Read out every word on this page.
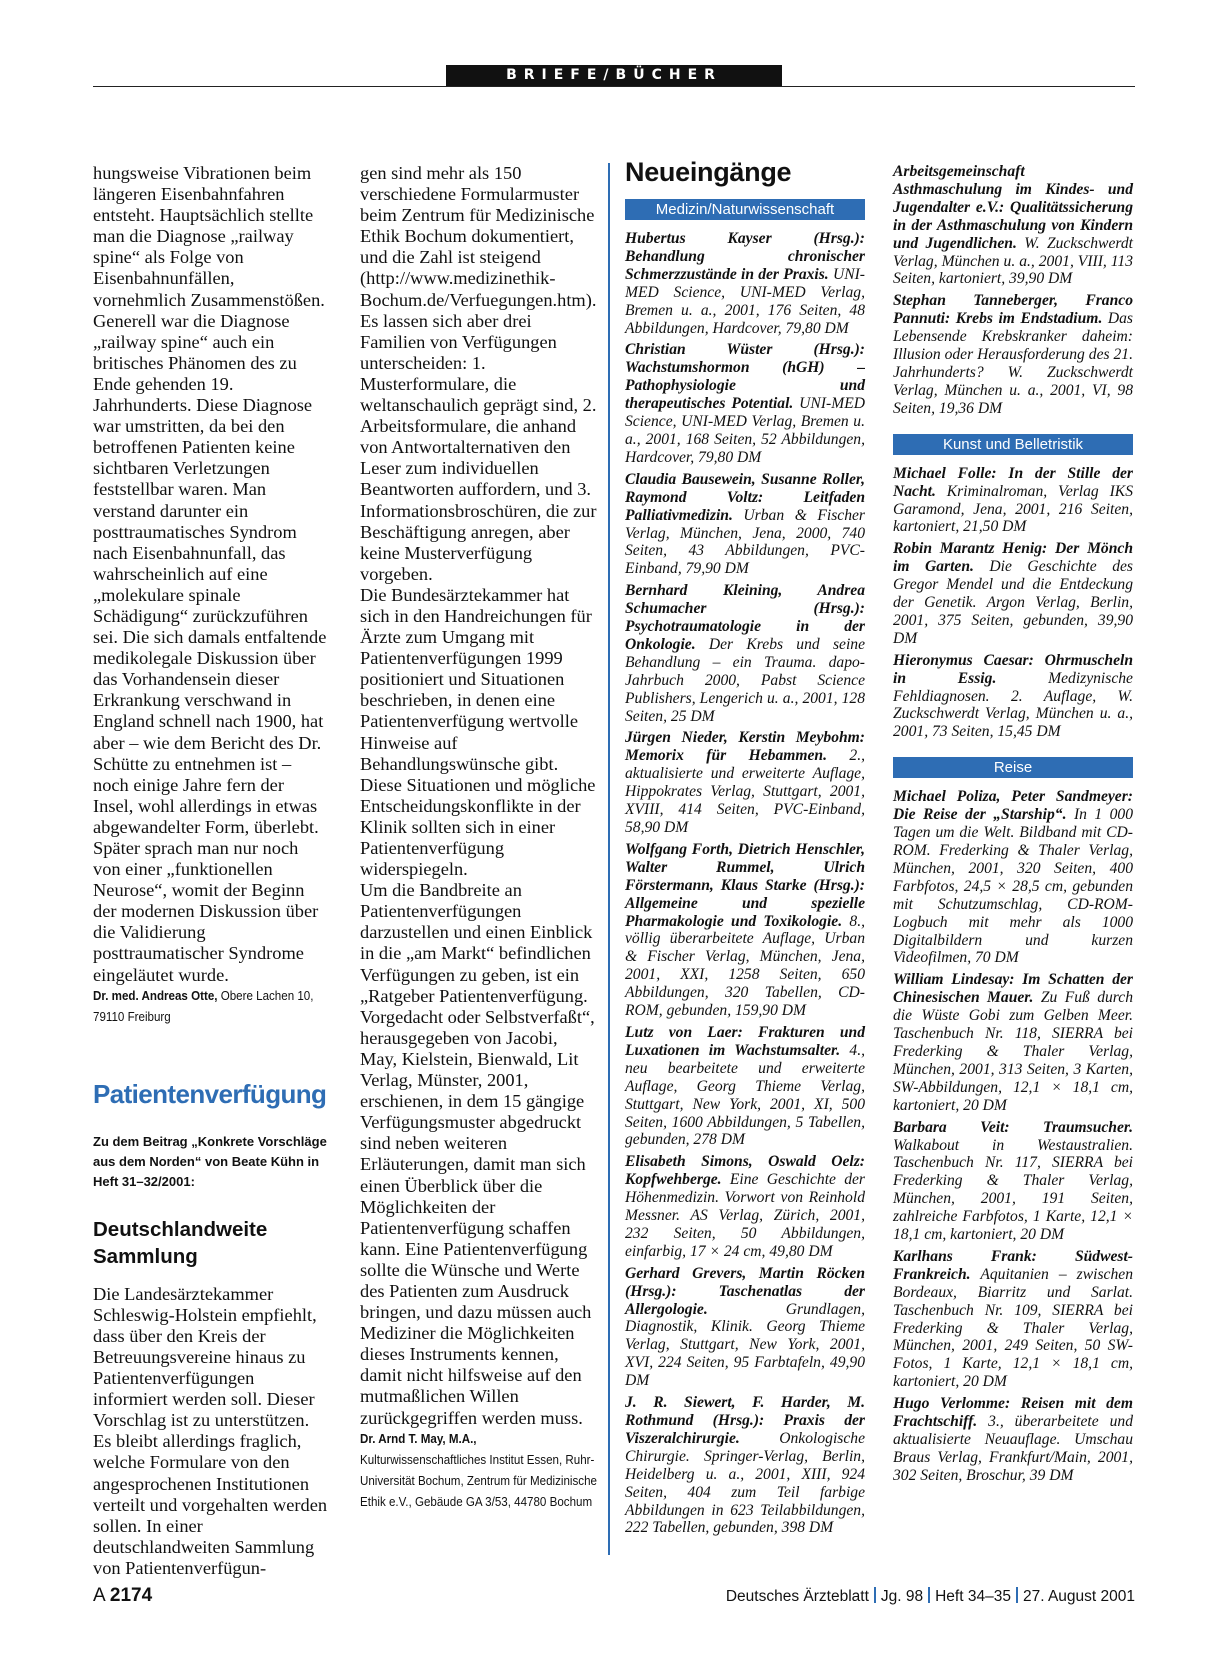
BRIEFE/BÜCHER

hungsweise Vibrationen beim längeren Eisenbahnfahren entsteht. Hauptsächlich stellte man die Diagnose „railway spine“ als Folge von Eisenbahnunfällen, vornehmlich Zusammenstößen. Generell war die Diagnose „railway spine“ auch ein britisches Phänomen des zu Ende gehenden 19. Jahrhunderts. Diese Diagnose war umstritten, da bei den betroffenen Patienten keine sichtbaren Verletzungen feststellbar waren. Man verstand darunter ein posttraumatisches Syndrom nach Eisenbahnunfall, das wahrscheinlich auf eine „molekulare spinale Schädigung“ zurückzuführen sei. Die sich damals entfaltende medikolegale Diskussion über das Vorhandensein dieser Erkrankung verschwand in England schnell nach 1900, hat aber – wie dem Bericht des Dr. Schütte zu entnehmen ist – noch einige Jahre fern der Insel, wohl allerdings in etwas abgewandelter Form, überlebt. Später sprach man nur noch von einer „funktionellen Neurose“, womit der Beginn der modernen Diskussion über die Validierung posttraumatischer Syndrome eingeläutet wurde.

Dr. med. Andreas Otte, Obere Lachen 10, 79110 Freiburg

Patientenverfügung

Zu dem Beitrag „Konkrete Vorschläge aus dem Norden“ von Beate Kühn in Heft 31–32/2001:

Deutschlandweite Sammlung

Die Landesärztekammer Schleswig-Holstein empfiehlt, dass über den Kreis der Betreuungsvereine hinaus zu Patientenverfügungen informiert werden soll. Dieser Vorschlag ist zu unterstützen. Es bleibt allerdings fraglich, welche Formulare von den angesprochenen Institutionen verteilt und vorgehalten werden sollen. In einer deutschlandweiten Sammlung von Patientenverfügun-

gen sind mehr als 150 verschiedene Formularmuster beim Zentrum für Medizinische Ethik Bochum dokumentiert, und die Zahl ist steigend (http://www.medizinethik-Bochum.de/Verfuegungen.htm). Es lassen sich aber drei Familien von Verfügungen unterscheiden: 1. Musterformulare, die weltanschaulich geprägt sind, 2. Arbeitsformulare, die anhand von Antwortalternativen den Leser zum individuellen Beantworten auffordern, und 3. Informationsbroschüren, die zur Beschäftigung anregen, aber keine Musterverfügung vorgeben.

Die Bundesärztekammer hat sich in den Handreichungen für Ärzte zum Umgang mit Patientenverfügungen 1999 positioniert und Situationen beschrieben, in denen eine Patientenverfügung wertvolle Hinweise auf Behandlungswünsche gibt. Diese Situationen und mögliche Entscheidungskonflikte in der Klinik sollten sich in einer Patientenverfügung widerspiegeln.

Um die Bandbreite an Patientenverfügungen darzustellen und einen Einblick in die „am Markt“ befindlichen Verfügungen zu geben, ist ein „Ratgeber Patientenverfügung. Vorgedacht oder Selbstverfaßt“, herausgegeben von Jacobi, May, Kielstein, Bienwald, Lit Verlag, Münster, 2001, erschienen, in dem 15 gängige Verfügungsmuster abgedruckt sind neben weiteren Erläuterungen, damit man sich einen Überblick über die Möglichkeiten der Patientenverfügung schaffen kann. Eine Patientenverfügung sollte die Wünsche und Werte des Patienten zum Ausdruck bringen, und dazu müssen auch Mediziner die Möglichkeiten dieses Instruments kennen, damit nicht hilfsweise auf den mutmaßlichen Willen zurückgegriffen werden muss.

Dr. Arnd T. May, M.A., Kulturwissenschaftliches Institut Essen, Ruhr-Universität Bochum, Zentrum für Medizinische Ethik e.V., Gebäude GA 3/53, 44780 Bochum

Neueingänge
Medizin/Naturwissenschaft

Hubertus Kayser (Hrsg.): Behandlung chronischer Schmerzzustände in der Praxis. UNI-MED Science, UNI-MED Verlag, Bremen u. a., 2001, 176 Seiten, 48 Abbildungen, Hardcover, 79,80 DM

Christian Wüster (Hrsg.): Wachstumshormon (hGH) – Pathophysiologie und therapeutisches Potential. UNI-MED Science, UNI-MED Verlag, Bremen u. a., 2001, 168 Seiten, 52 Abbildungen, Hardcover, 79,80 DM

Claudia Bausewein, Susanne Roller, Raymond Voltz: Leitfaden Palliativmedizin. Urban & Fischer Verlag, München, Jena, 2000, 740 Seiten, 43 Abbildungen, PVC-Einband, 79,90 DM

Bernhard Kleining, Andrea Schumacher (Hrsg.): Psychotraumatologie in der Onkologie. Der Krebs und seine Behandlung – ein Trauma. dapo-Jahrbuch 2000, Pabst Science Publishers, Lengerich u. a., 2001, 128 Seiten, 25 DM

Jürgen Nieder, Kerstin Meybohm: Memorix für Hebammen. 2., aktualisierte und erweiterte Auflage, Hippokrates Verlag, Stuttgart, 2001, XVIII, 414 Seiten, PVC-Einband, 58,90 DM

Wolfgang Forth, Dietrich Henschler, Walter Rummel, Ulrich Förstermann, Klaus Starke (Hrsg.): Allgemeine und spezielle Pharmakologie und Toxikologie. 8., völlig überarbeitete Auflage, Urban & Fischer Verlag, München, Jena, 2001, XXI, 1258 Seiten, 650 Abbildungen, 320 Tabellen, CD-ROM, gebunden, 159,90 DM

Lutz von Laer: Frakturen und Luxationen im Wachstumsalter. 4., neu bearbeitete und erweiterte Auflage, Georg Thieme Verlag, Stuttgart, New York, 2001, XI, 500 Seiten, 1600 Abbildungen, 5 Tabellen, gebunden, 278 DM

Elisabeth Simons, Oswald Oelz: Kopfwehberge. Eine Geschichte der Höhenmedizin. Vorwort von Reinhold Messner. AS Verlag, Zürich, 2001, 232 Seiten, 50 Abbildungen, einfarbig, 17 × 24 cm, 49,80 DM

Gerhard Grevers, Martin Röcken (Hrsg.): Taschenatlas der Allergologie.	Grundlagen, Diagnostik, Klinik. Georg Thieme Verlag, Stuttgart, New York, 2001, XVI, 224 Seiten, 95 Farbtafeln, 49,90 DM

J. R. Siewert, F. Harder, M. Rothmund (Hrsg.): Praxis der Viszeralchirurgie.	Onkologische Chirurgie. Springer-Verlag, Berlin, Heidelberg u. a., 2001, XIII, 924 Seiten, 404 zum Teil farbige Abbildungen in 623 Teilabbildungen, 222 Tabellen, gebunden, 398 DM

Arbeitsgemeinschaft Asthmaschulung im Kindes- und Jugendalter e.V.: Qualitätssicherung in der Asthmaschulung von Kindern und Jugendlichen. W. Zuckschwerdt Verlag, München u. a., 2001, VIII, 113 Seiten, kartoniert, 39,90 DM

Stephan Tanneberger, Franco Pannuti: Krebs im Endstadium. Das Lebensende Krebskranker daheim: Illusion oder Herausforderung des 21. Jahrhunderts? W. Zuckschwerdt Verlag, München u. a., 2001, VI, 98 Seiten, 19,36 DM

Kunst und Belletristik

Michael Folle: In der Stille der Nacht. Kriminalroman, Verlag IKS Garamond, Jena, 2001, 216 Seiten, kartoniert, 21,50 DM

Robin Marantz Henig: Der Mönch im Garten. Die Geschichte des Gregor Mendel und die Entdeckung der Genetik. Argon Verlag, Berlin, 2001, 375 Seiten, gebunden, 39,90 DM

Hieronymus Caesar: Ohrmuscheln in Essig.	Medizynische Fehldiagnosen. 2. Auflage, W. Zuckschwerdt Verlag, München u. a., 2001, 73 Seiten, 15,45 DM

Reise

Michael Poliza, Peter Sandmeyer: Die Reise der „Starship“. In 1 000 Tagen um die Welt. Bildband mit CD-ROM. Frederking & Thaler Verlag, München, 2001, 320 Seiten, 400 Farbfotos, 24,5 × 28,5 cm, gebunden mit Schutzumschlag, CD-ROM-Logbuch mit mehr als 1000 Digitalbildern und kurzen Videofilmen, 70 DM

William Lindesay: Im Schatten der Chinesischen Mauer. Zu Fuß durch die Wüste Gobi zum Gelben Meer. Taschenbuch Nr. 118, SIERRA bei Frederking & Thaler Verlag, München, 2001, 313 Seiten, 3 Karten, SW-Abbildungen, 12,1 × 18,1 cm, kartoniert, 20 DM

Barbara Veit: Traumsucher. Walkabout in Westaustralien. Taschenbuch Nr. 117, SIERRA bei Frederking & Thaler Verlag, München, 2001, 191 Seiten, zahlreiche Farbfotos, 1 Karte, 12,1 × 18,1 cm, kartoniert, 20 DM

Karlhans Frank: Südwest-Frankreich. Aquitanien – zwischen Bordeaux, Biarritz und Sarlat. Taschenbuch Nr. 109, SIERRA bei Frederking & Thaler Verlag, München, 2001, 249 Seiten, 50 SW-Fotos, 1 Karte, 12,1 × 18,1 cm, kartoniert, 20 DM

Hugo Verlomme: Reisen mit dem Frachtschiff. 3., überarbeitete und aktualisierte Neuauflage. Umschau Braus Verlag, Frankfurt/Main, 2001, 302 Seiten, Broschur, 39 DM

A 2174	Deutsches Ärzteblatt Jg. 98 Heft 34–35 27. August 2001
